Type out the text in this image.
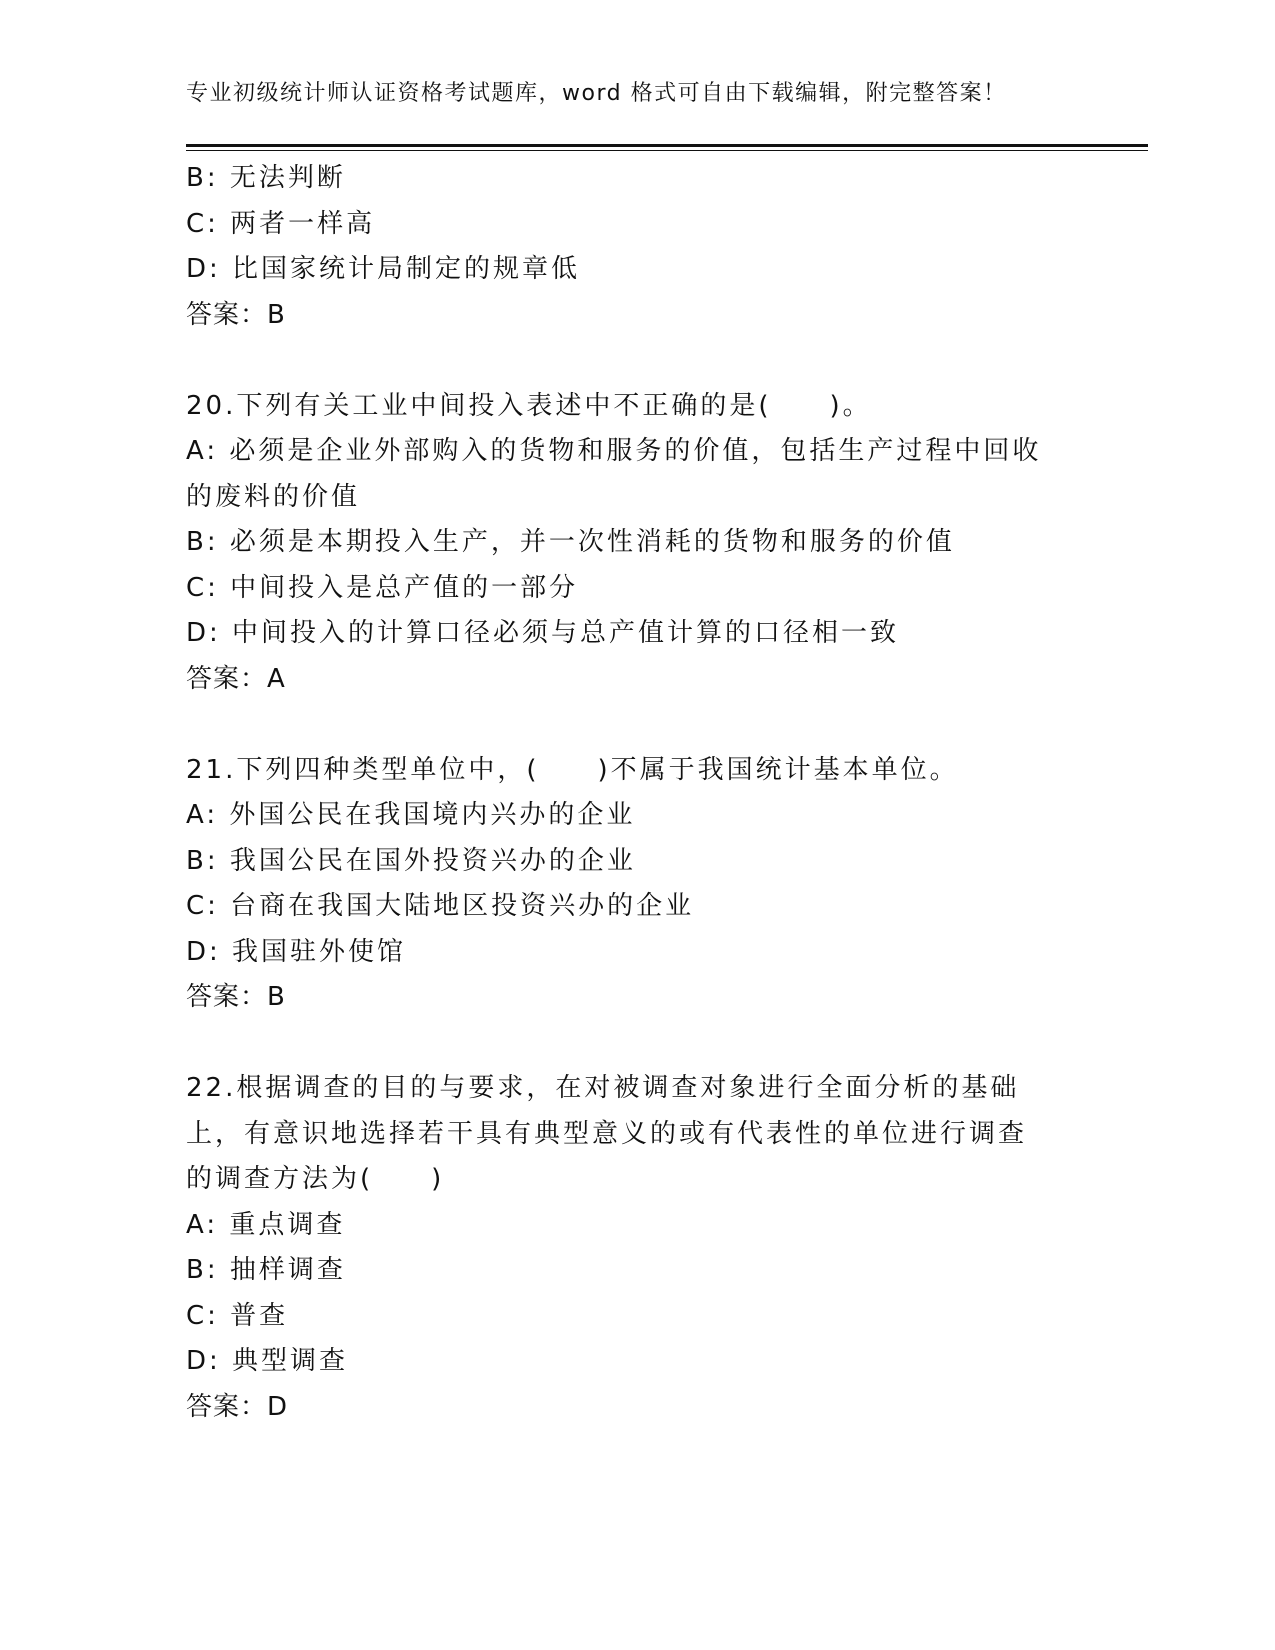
专业初级统计师认证资格考试题库，word 格式可自由下载编辑，附完整答案！
B: 无法判断
C: 两者一样高
D: 比国家统计局制定的规章低
答案：B
20.下列有关工业中间投入表述中不正确的是(　　)。
A: 必须是企业外部购入的货物和服务的价值，包括生产过程中回收的废料的价值
B: 必须是本期投入生产，并一次性消耗的货物和服务的价值
C: 中间投入是总产值的一部分
D: 中间投入的计算口径必须与总产值计算的口径相一致
答案：A
21.下列四种类型单位中，(　　)不属于我国统计基本单位。
A: 外国公民在我国境内兴办的企业
B: 我国公民在国外投资兴办的企业
C: 台商在我国大陆地区投资兴办的企业
D: 我国驻外使馆
答案：B
22.根据调查的目的与要求，在对被调查对象进行全面分析的基础上，有意识地选择若干具有典型意义的或有代表性的单位进行调查的调查方法为(　　)
A: 重点调查
B: 抽样调查
C: 普查
D: 典型调查
答案：D
